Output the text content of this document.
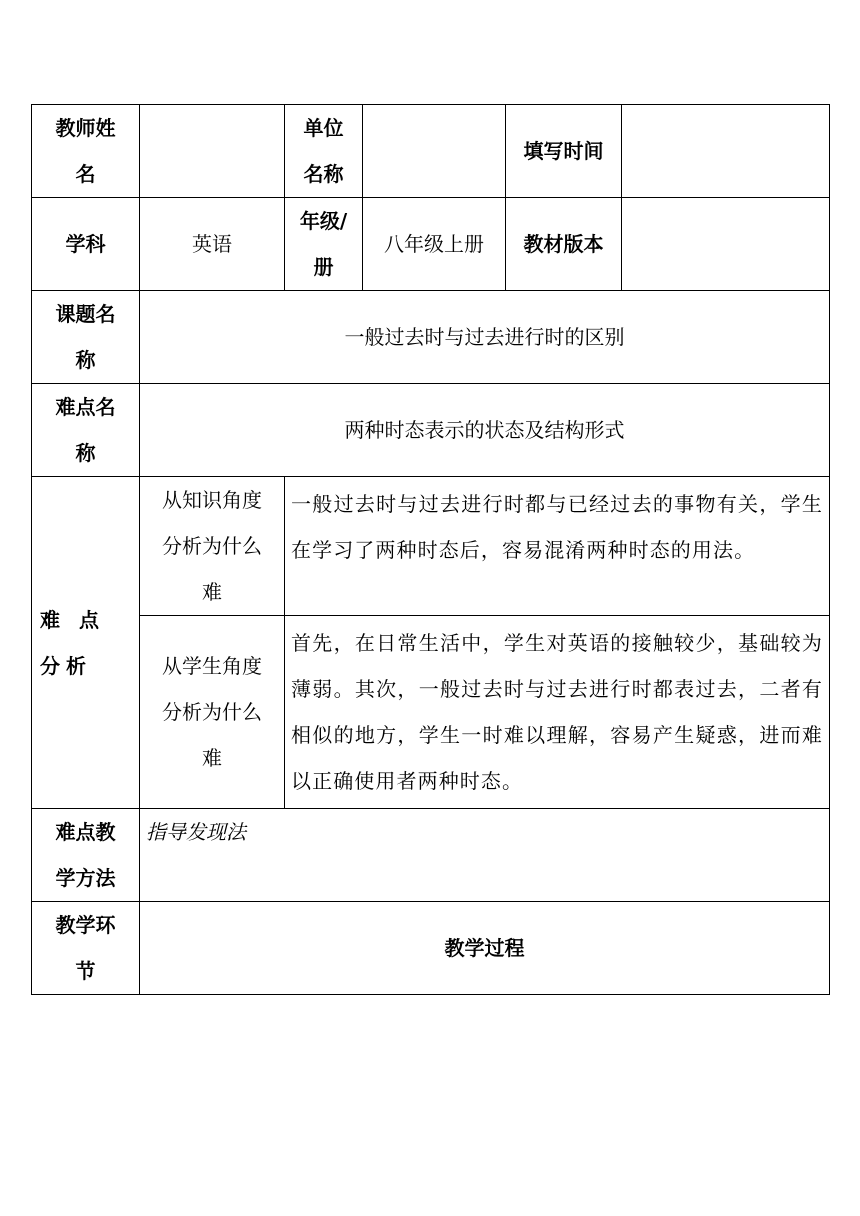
教师姓名		单位名称		填写时间	
学科	英语	年级/册	八年级上册	教材版本	
课题名称	一般过去时与过去进行时的区别				
难点名称	两种时态表示的状态及结构形式				
难 点 分析	从知识角度分析为什么难	一般过去时与过去进行时都与已经过去的事物有关，学生在学习了两种时态后，容易混淆两种时态的用法。			
	从学生角度分析为什么难	首先，在日常生活中，学生对英语的接触较少，基础较为薄弱。其次，一般过去时与过去进行时都表过去，二者有相似的地方，学生一时难以理解，容易产生疑惑，进而难以正确使用者两种时态。			
难点教学方法	指导发现法				
教学环节	教学过程				
